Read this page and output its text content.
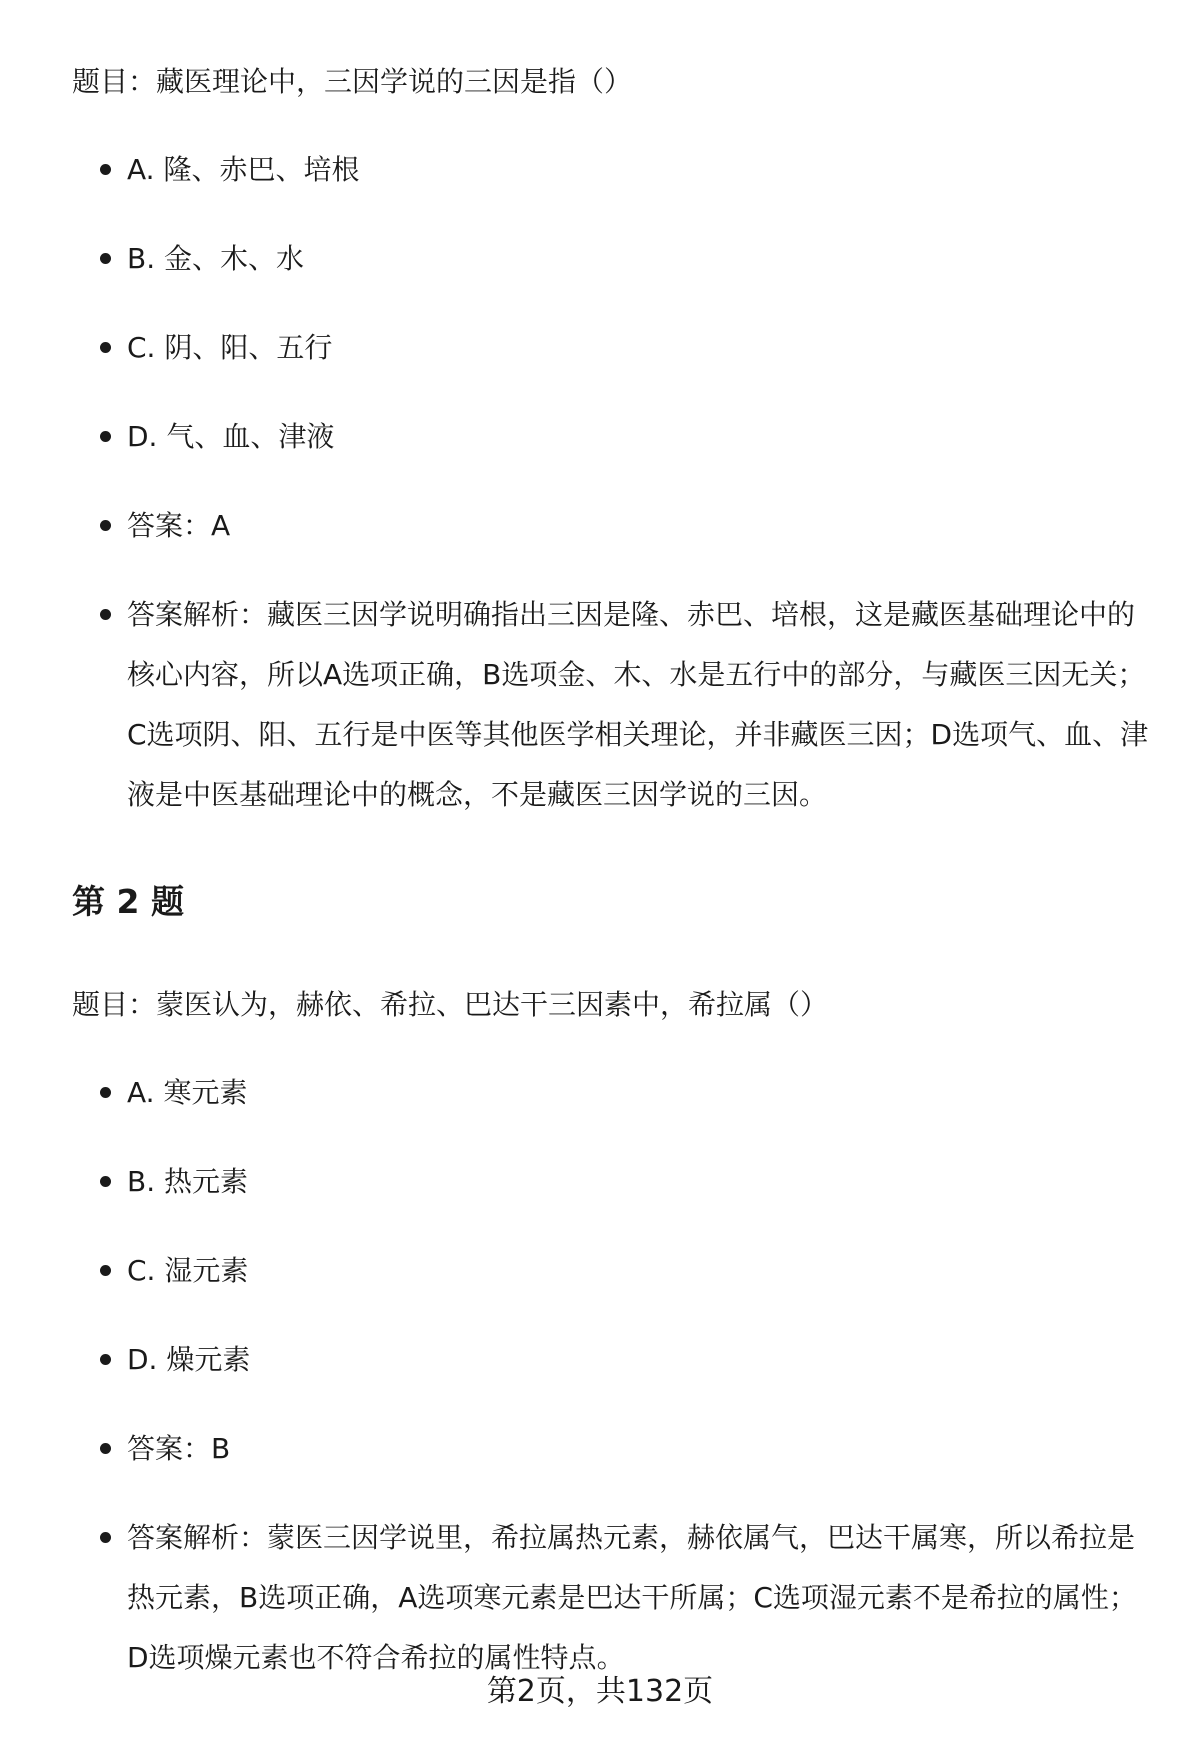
题目：藏医理论中，三因学说的三因是指（）

A. 隆、赤巴、培根
B. 金、木、水
C. 阴、阳、五行
D. 气、血、津液
答案：A
答案解析：藏医三因学说明确指出三因是隆、赤巴、培根，这是藏医基础理论中的核心内容，所以A选项正确，B选项金、木、水是五行中的部分，与藏医三因无关；C选项阴、阳、五行是中医等其他医学相关理论，并非藏医三因；D选项气、血、津液是中医基础理论中的概念，不是藏医三因学说的三因。
第 2 题

题目：蒙医认为，赫依、希拉、巴达干三因素中，希拉属（）

A. 寒元素
B. 热元素
C. 湿元素
D. 燥元素
答案：B
答案解析：蒙医三因学说里，希拉属热元素，赫依属气，巴达干属寒，所以希拉是热元素，B选项正确，A选项寒元素是巴达干所属；C选项湿元素不是希拉的属性；D选项燥元素也不符合希拉的属性特点。
第2页，共132页
